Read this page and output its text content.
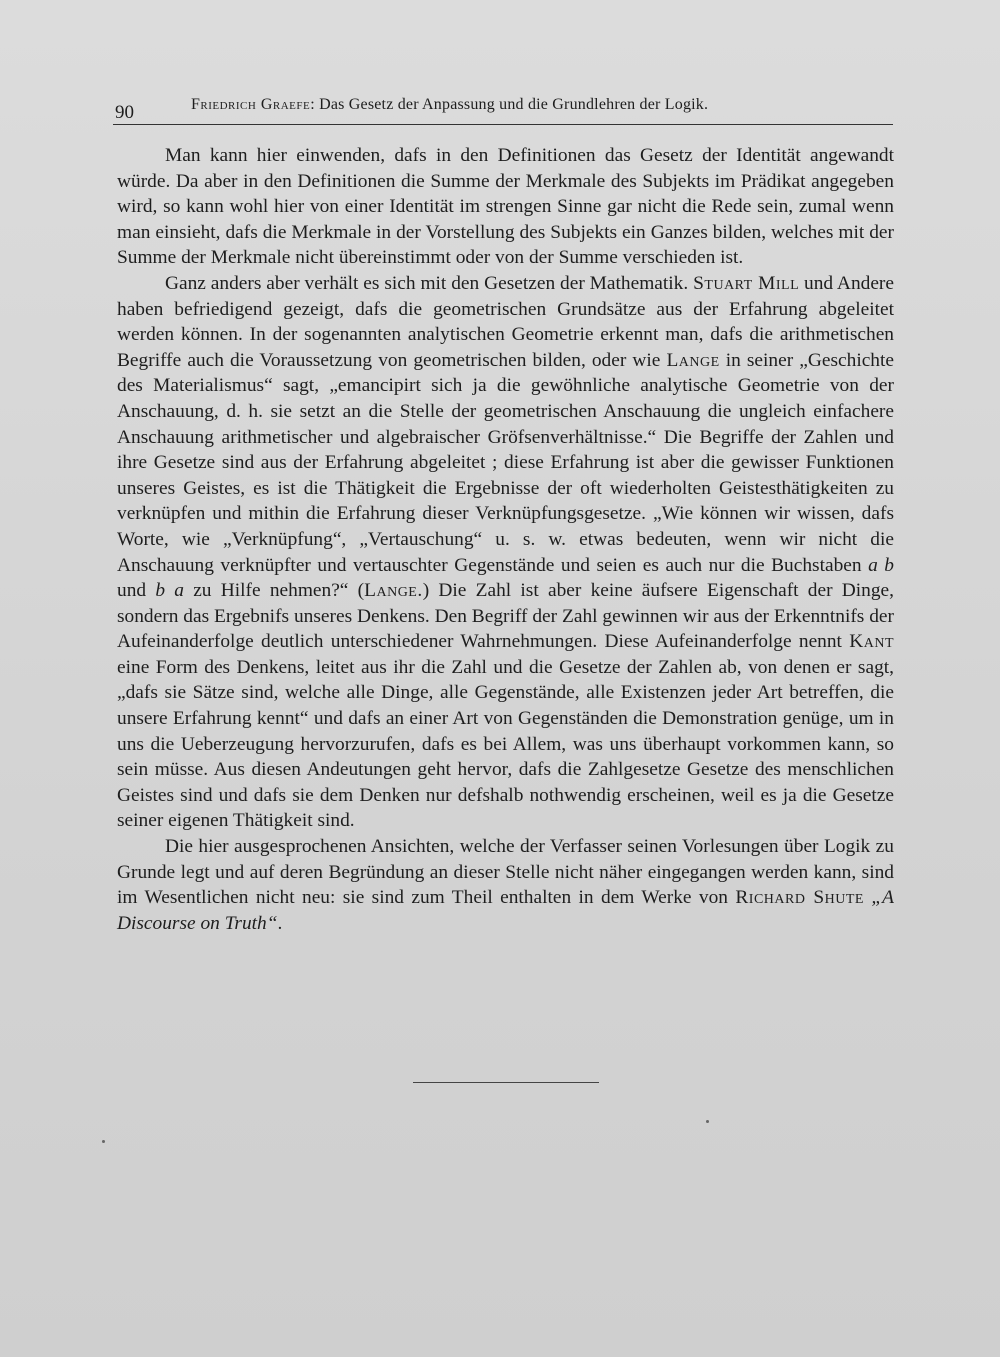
90	Friedrich Graefe: Das Gesetz der Anpassung und die Grundlehren der Logik.

Man kann hier einwenden, dafs in den Definitionen das Gesetz der Identität angewandt würde. Da aber in den Definitionen die Summe der Merkmale des Subjekts im Prädikat angegeben wird, so kann wohl hier von einer Identität im strengen Sinne gar nicht die Rede sein, zumal wenn man einsieht, dafs die Merkmale in der Vorstellung des Subjekts ein Ganzes bilden, welches mit der Summe der Merkmale nicht übereinstimmt oder von der Summe verschieden ist.

Ganz anders aber verhält es sich mit den Gesetzen der Mathematik. Stuart Mill und Andere haben befriedigend gezeigt, dafs die geometrischen Grundsätze aus der Erfahrung abgeleitet werden können. In der sogenannten analytischen Geometrie erkennt man, dafs die arithmetischen Begriffe auch die Voraussetzung von geometrischen bilden, oder wie Lange in seiner „Geschichte des Materialismus“ sagt, „emancipirt sich ja die gewöhnliche analytische Geometrie von der Anschauung, d. h. sie setzt an die Stelle der geometrischen Anschauung die ungleich einfachere Anschauung arithmetischer und algebraischer Gröfsenverhältnisse.“ Die Begriffe der Zahlen und ihre Gesetze sind aus der Erfahrung abgeleitet ; diese Erfahrung ist aber die gewisser Funktionen unseres Geistes, es ist die Thätigkeit die Ergebnisse der oft wiederholten Geistesthätigkeiten zu verknüpfen und mithin die Erfahrung dieser Verknüpfungsgesetze. „Wie können wir wissen, dafs Worte, wie „Verknüpfung“, „Vertauschung“ u. s. w. etwas bedeuten, wenn wir nicht die Anschauung verknüpfter und vertauschter Gegenstände und seien es auch nur die Buchstaben a b und b a zu Hilfe nehmen?“ (Lange.) Die Zahl ist aber keine äufsere Eigenschaft der Dinge, sondern das Ergebnifs unseres Denkens. Den Begriff der Zahl gewinnen wir aus der Erkenntnifs der Aufeinanderfolge deutlich unterschiedener Wahrnehmungen. Diese Aufeinanderfolge nennt Kant eine Form des Denkens, leitet aus ihr die Zahl und die Gesetze der Zahlen ab, von denen er sagt, „dafs sie Sätze sind, welche alle Dinge, alle Gegenstände, alle Existenzen jeder Art betreffen, die unsere Erfahrung kennt“ und dafs an einer Art von Gegenständen die Demonstration genüge, um in uns die Ueberzeugung hervorzurufen, dafs es bei Allem, was uns überhaupt vorkommen kann, so sein müsse. Aus diesen Andeutungen geht hervor, dafs die Zahlgesetze Gesetze des menschlichen Geistes sind und dafs sie dem Denken nur defshalb nothwendig erscheinen, weil es ja die Gesetze seiner eigenen Thätigkeit sind.

Die hier ausgesprochenen Ansichten, welche der Verfasser seinen Vorlesungen über Logik zu Grunde legt und auf deren Begründung an dieser Stelle nicht näher eingegangen werden kann, sind im Wesentlichen nicht neu: sie sind zum Theil enthalten in dem Werke von Richard Shute „A Discourse on Truth“.
